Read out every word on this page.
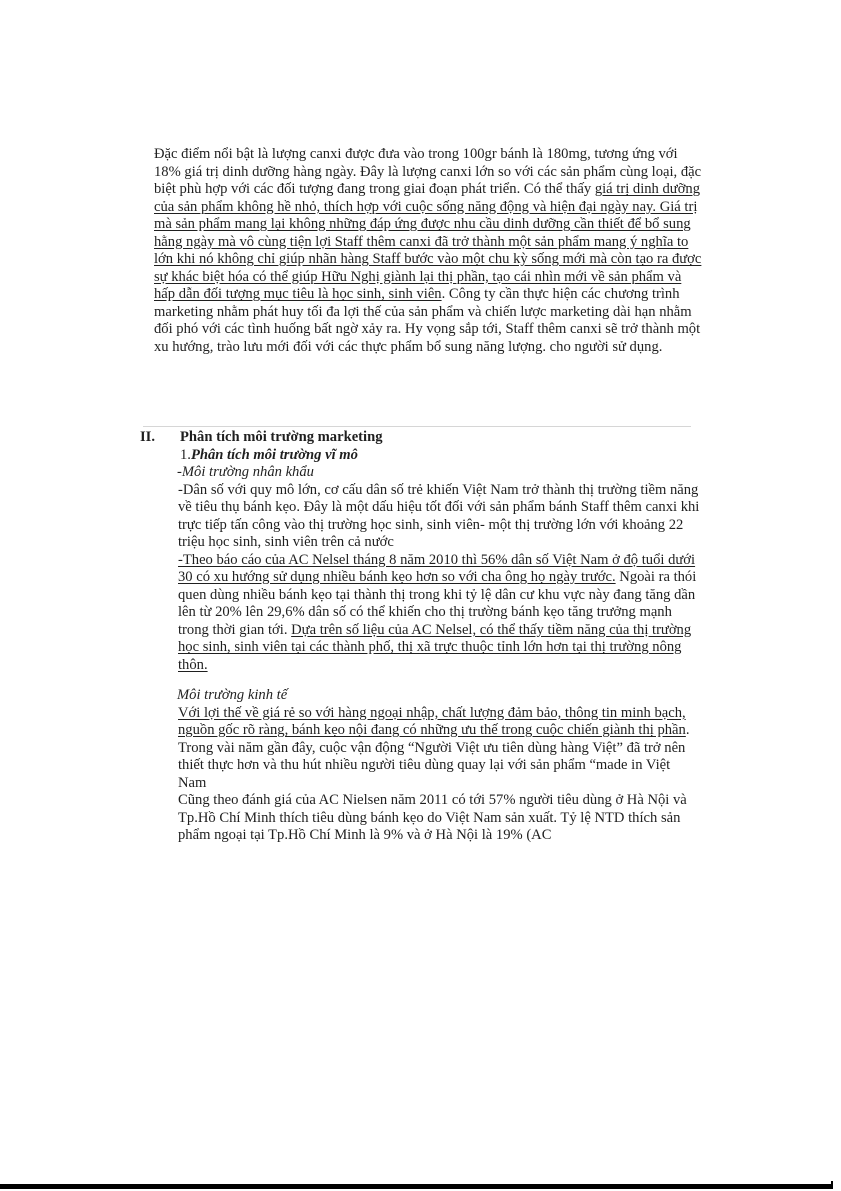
Đặc điểm nổi bật là lượng canxi được đưa vào trong 100gr bánh là 180mg, tương ứng với 18% giá trị dinh dưỡng hàng ngày. Đây là lượng canxi lớn so với các sản phẩm cùng loại, đặc biệt phù hợp với các đối tượng đang trong giai đoạn phát triển. Có thể thấy giá trị dinh dưỡng của sản phẩm không hề nhỏ, thích hợp với cuộc sống năng động và hiện đại ngày nay. Giá trị mà sản phẩm mang lại không những đáp ứng được nhu cầu dinh dưỡng cần thiết để bổ sung hằng ngày mà vô cùng tiện lợi Staff thêm canxi đã trở thành một sản phẩm mang ý nghĩa to lớn khi nó không chỉ giúp nhãn hàng Staff bước vào một chu kỳ sống mới mà còn tạo ra được sự khác biệt hóa có thể giúp Hữu Nghị giành lại thị phần, tạo cái nhìn mới về sản phẩm và hấp dẫn đối tượng mục tiêu là học sinh, sinh viên. Công ty cần thực hiện các chương trình marketing nhằm phát huy tối đa lợi thế của sản phẩm và chiến lược marketing dài hạn nhằm đối phó với các tình huống bất ngờ xảy ra. Hy vọng sắp tới, Staff thêm canxi sẽ trở thành một xu hướng, trào lưu mới đối với các thực phẩm bổ sung năng lượng. cho người sử dụng.

II. Phân tích môi trường marketing

1.Phân tích môi trường vĩ mô

-Môi trường nhân khẩu

-Dân số với quy mô lớn, cơ cấu dân số trẻ khiến Việt Nam trở thành thị trường tiềm năng về tiêu thụ bánh kẹo. Đây là một dấu hiệu tốt đối với sản phẩm bánh Staff thêm canxi khi trực tiếp tấn công vào thị trường học sinh, sinh viên- một thị trường lớn với khoảng 22 triệu học sinh, sinh viên trên cả nước

-Theo báo cáo của AC Nelsel tháng 8 năm 2010 thì 56% dân số Việt Nam ở độ tuổi dưới 30 có xu hướng sử dụng nhiều bánh kẹo hơn so với cha ông họ ngày trước. Ngoài ra thói quen dùng nhiều bánh kẹo tại thành thị trong khi tỷ lệ dân cư khu vực này đang tăng dần lên từ 20% lên 29,6% dân số có thể khiến cho thị trường bánh kẹo tăng trưởng mạnh trong thời gian tới. Dựa trên số liệu của AC Nelsel, có thể thấy tiềm năng của thị trường học sinh, sinh viên tại các thành phố, thị xã trực thuộc tỉnh lớn hơn tại thị trường nông thôn.

Môi trường kinh tế

Với lợi thế về giá rẻ so với hàng ngoại nhập, chất lượng đảm bảo, thông tin minh bạch, nguồn gốc rõ ràng, bánh kẹo nội đang có những ưu thế trong cuộc chiến giành thị phần. Trong vài năm gần đây, cuộc vận động “Người Việt ưu tiên dùng hàng Việt” đã trở nên thiết thực hơn và thu hút nhiều người tiêu dùng quay lại với sản phẩm “made in Việt Nam

Cũng theo đánh giá của AC Nielsen năm 2011 có tới 57% người tiêu dùng ở Hà Nội và Tp.Hồ Chí Minh thích tiêu dùng bánh kẹo do Việt Nam sản xuất. Tỷ lệ NTD thích sản phẩm ngoại tại Tp.Hồ Chí Minh là 9% và ở Hà Nội là 19% (AC
